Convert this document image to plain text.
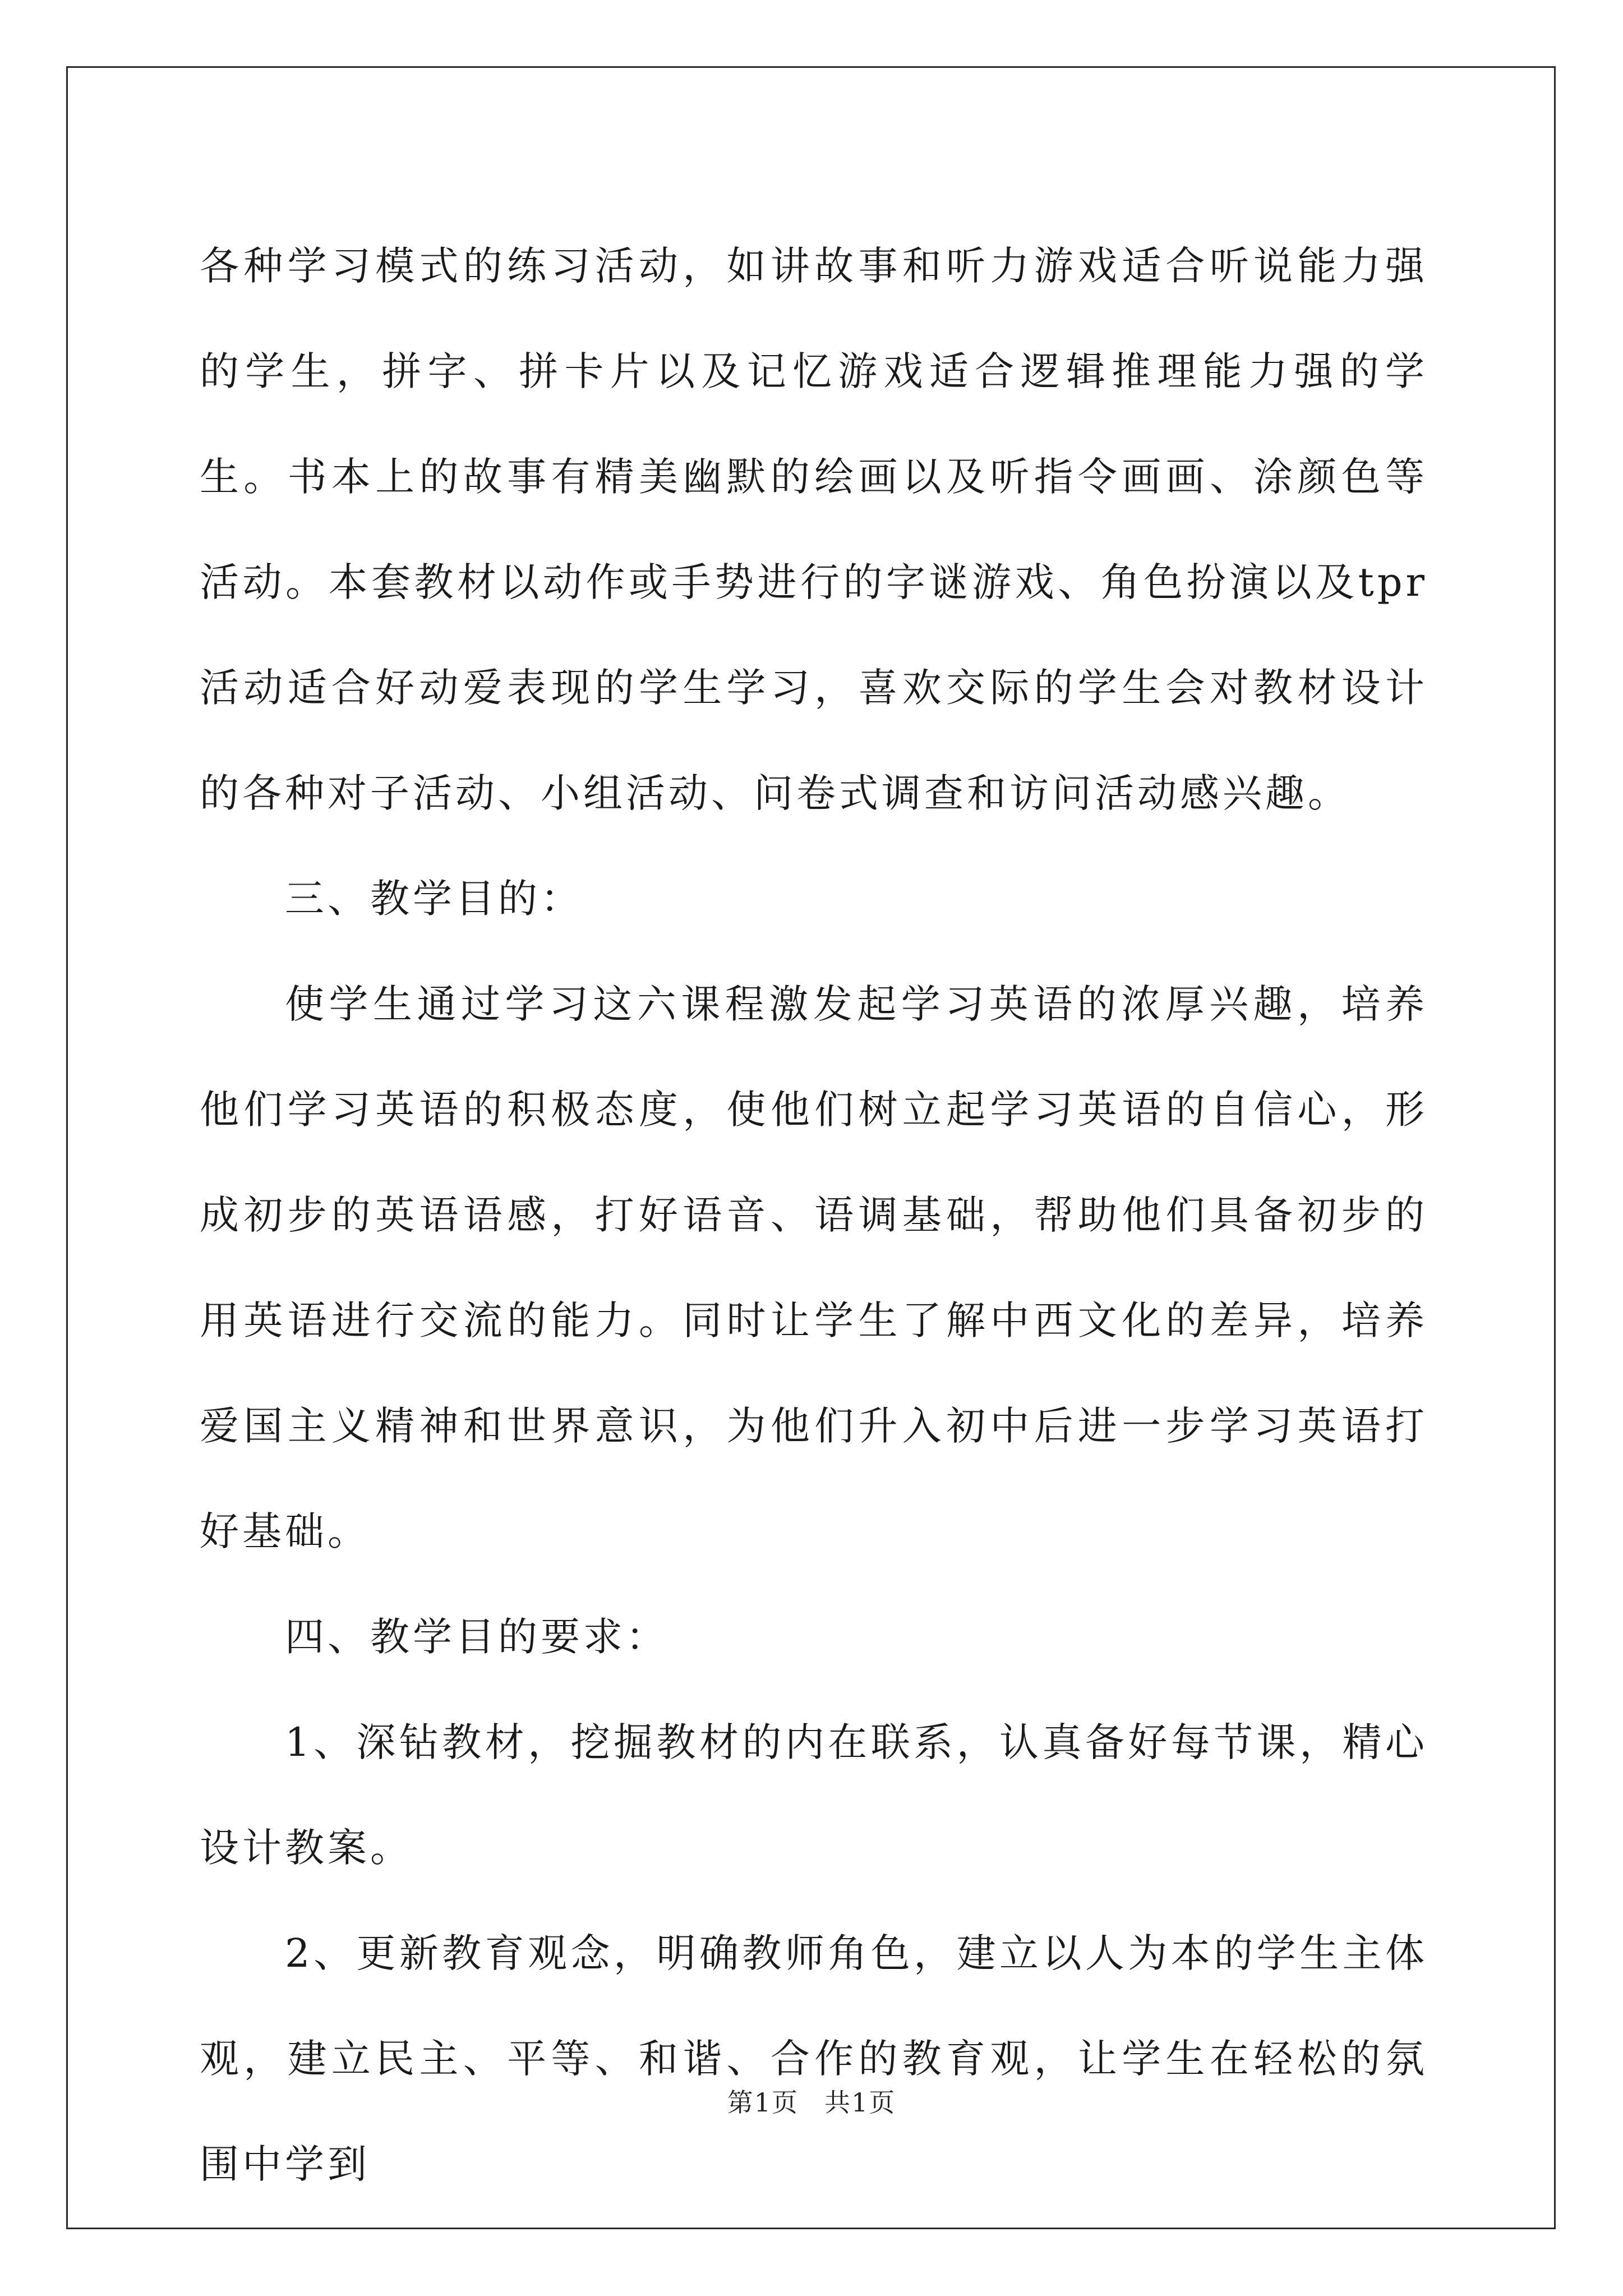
各种学习模式的练习活动，如讲故事和听力游戏适合听说能力强的学生，拼字、拼卡片以及记忆游戏适合逻辑推理能力强的学生。书本上的故事有精美幽默的绘画以及听指令画画、涂颜色等活动。本套教材以动作或手势进行的字谜游戏、角色扮演以及tpr活动适合好动爱表现的学生学习，喜欢交际的学生会对教材设计的各种对子活动、小组活动、问卷式调查和访问活动感兴趣。

三、教学目的：

使学生通过学习这六课程激发起学习英语的浓厚兴趣，培养他们学习英语的积极态度，使他们树立起学习英语的自信心，形成初步的英语语感，打好语音、语调基础，帮助他们具备初步的用英语进行交流的能力。同时让学生了解中西文化的差异，培养爱国主义精神和世界意识，为他们升入初中后进一步学习英语打好基础。

四、教学目的要求：

1、深钻教材，挖掘教材的内在联系，认真备好每节课，精心设计教案。

2、更新教育观念，明确教师角色，建立以人为本的学生主体观，建立民主、平等、和谐、合作的教育观，让学生在轻松的氛围中学到

第1页 共1页
